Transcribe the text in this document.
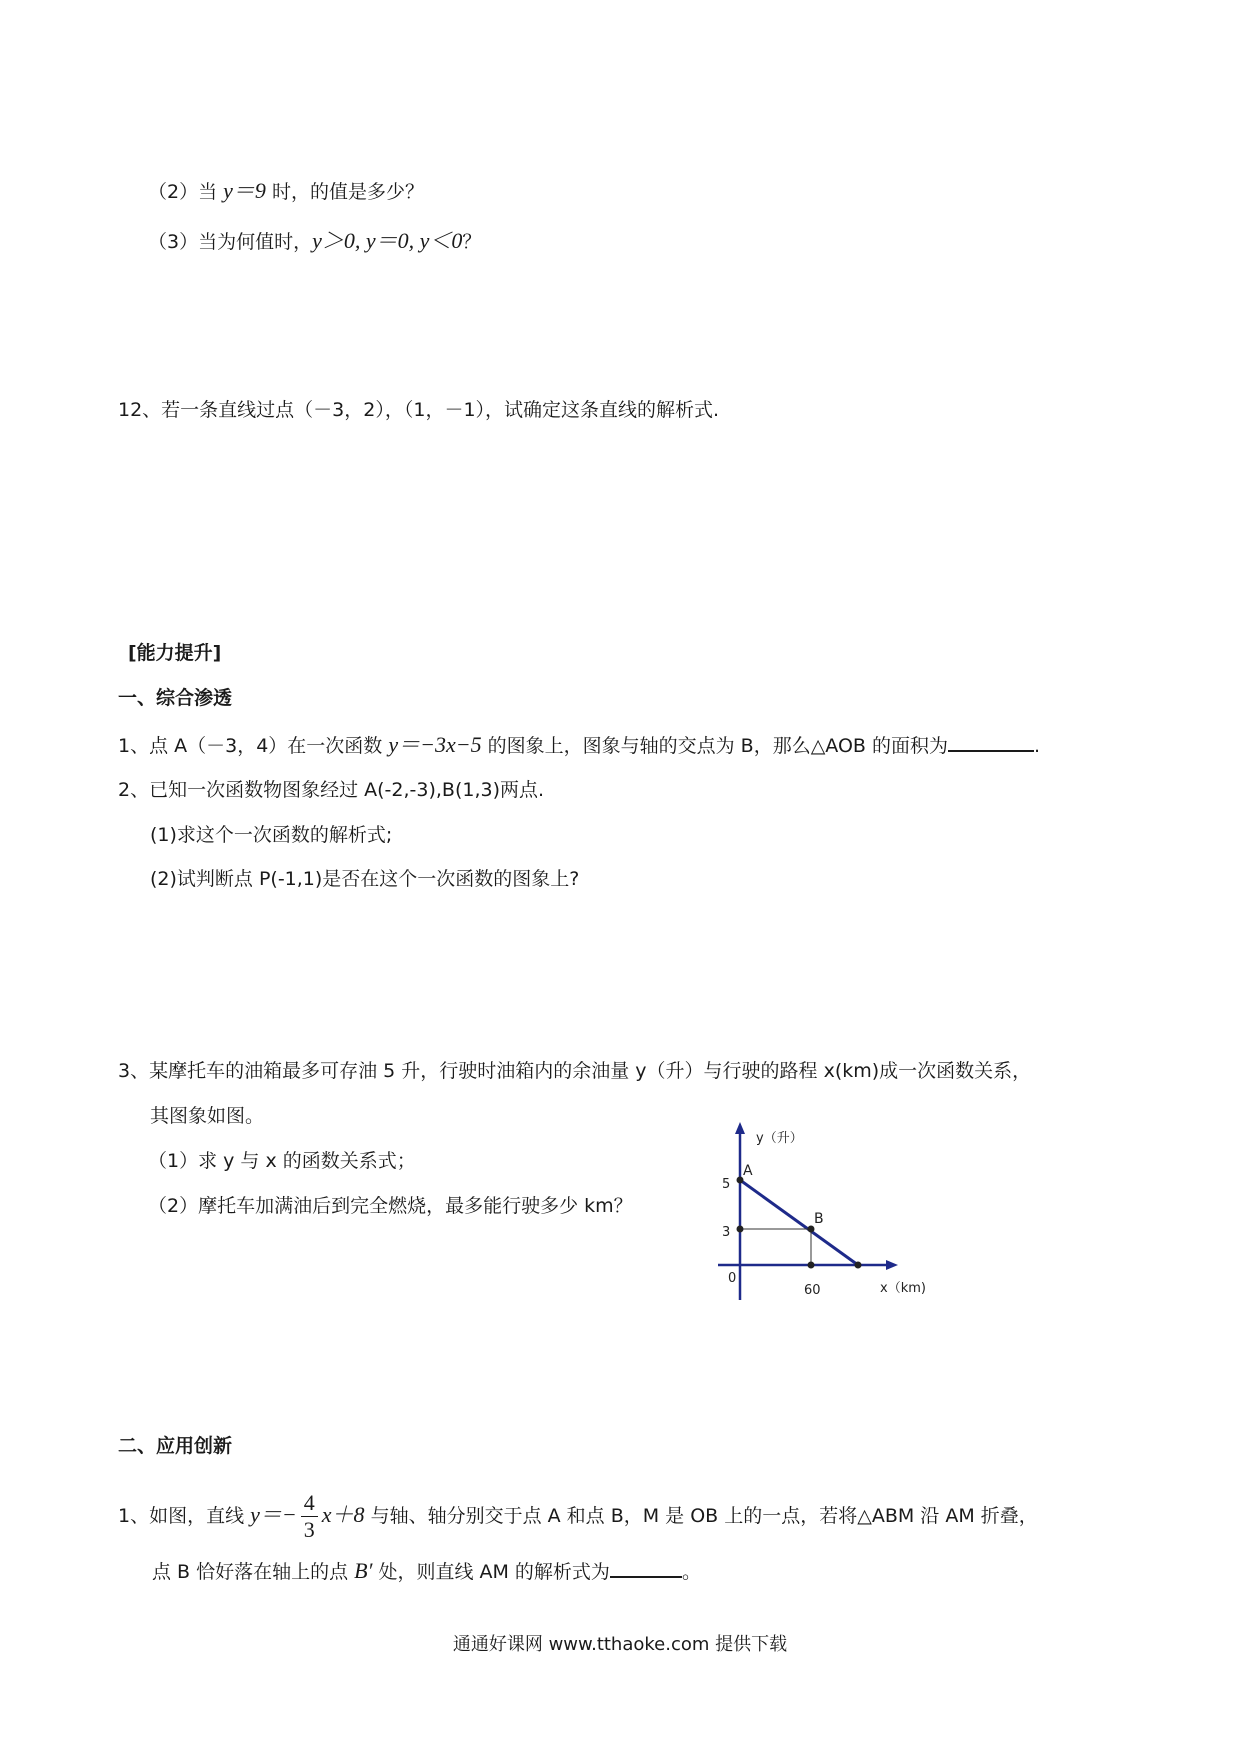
（2）当 y＝9 时，的值是多少？
（3）当为何值时，y＞0, y＝0, y＜0？
12、若一条直线过点（－3，2），（1，－1），试确定这条直线的解析式.
[能力提升]
一、综合渗透
1、点 A（－3，4）在一次函数 y＝−3x−5 的图象上，图象与轴的交点为 B，那么△AOB 的面积为	.
2、已知一次函数物图象经过 A(-2,-3),B(1,3)两点.
(1)求这个一次函数的解析式;
(2)试判断点 P(-1,1)是否在这个一次函数的图象上?
3、某摩托车的油箱最多可存油 5 升，行驶时油箱内的余油量 y（升）与行驶的路程 x(km)成一次函数关系，
其图象如图。
（1）求 y 与 x 的函数关系式；
（2）摩托车加满油后到完全燃烧，最多能行驶多少 km？
y（升）
A
B
5
3
0
60	x（km)
二、应用创新
1、如图，直线 $y=- \frac{4}{3} x+8$ 与轴、轴分别交于点 A 和点 B，M 是 OB 上的一点，若将△ABM 沿 AM 折叠，
点 B 恰好落在轴上的点 B′ 处，则直线 AM 的解析式为	。
通通好课网 www.tthaoke.com 提供下载
